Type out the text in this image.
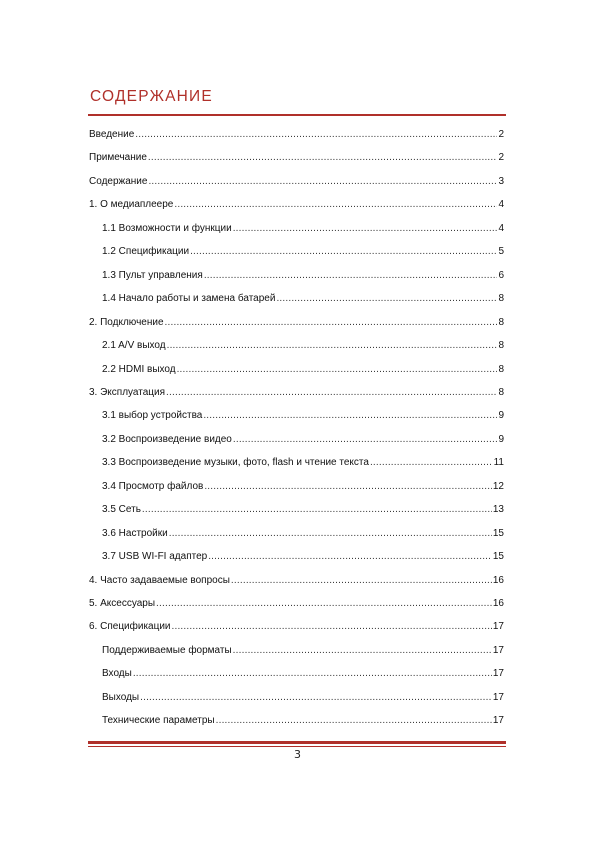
СОДЕРЖАНИЕ
Введение .....	2
Примечание .....	2
Содержание .....	3
1. О медиаплеере .....	4
1.1 Возможности и функции .....	4
1.2 Спецификации .....	5
1.3 Пульт управления .....	6
1.4 Начало работы и замена батарей .....	8
2. Подключение .....	8
2.1 A/V выход .....	8
2.2 HDMI выход .....	8
3. Эксплуатация .....	8
3.1 выбор устройства .....	9
3.2 Воспроизведение видео .....	9
3.3 Воспроизведение музыки, фото, flash и чтение текста .....	11
3.4 Просмотр файлов .....	12
3.5 Сеть .....	13
3.6 Настройки .....	15
3.7 USB WI-FI адаптер .....	15
4. Часто задаваемые вопросы .....	16
5. Аксессуары .....	16
6. Спецификации .....	17
Поддерживаемые форматы .....	17
Входы .....	17
Выходы .....	17
Технические параметры .....	17
3
